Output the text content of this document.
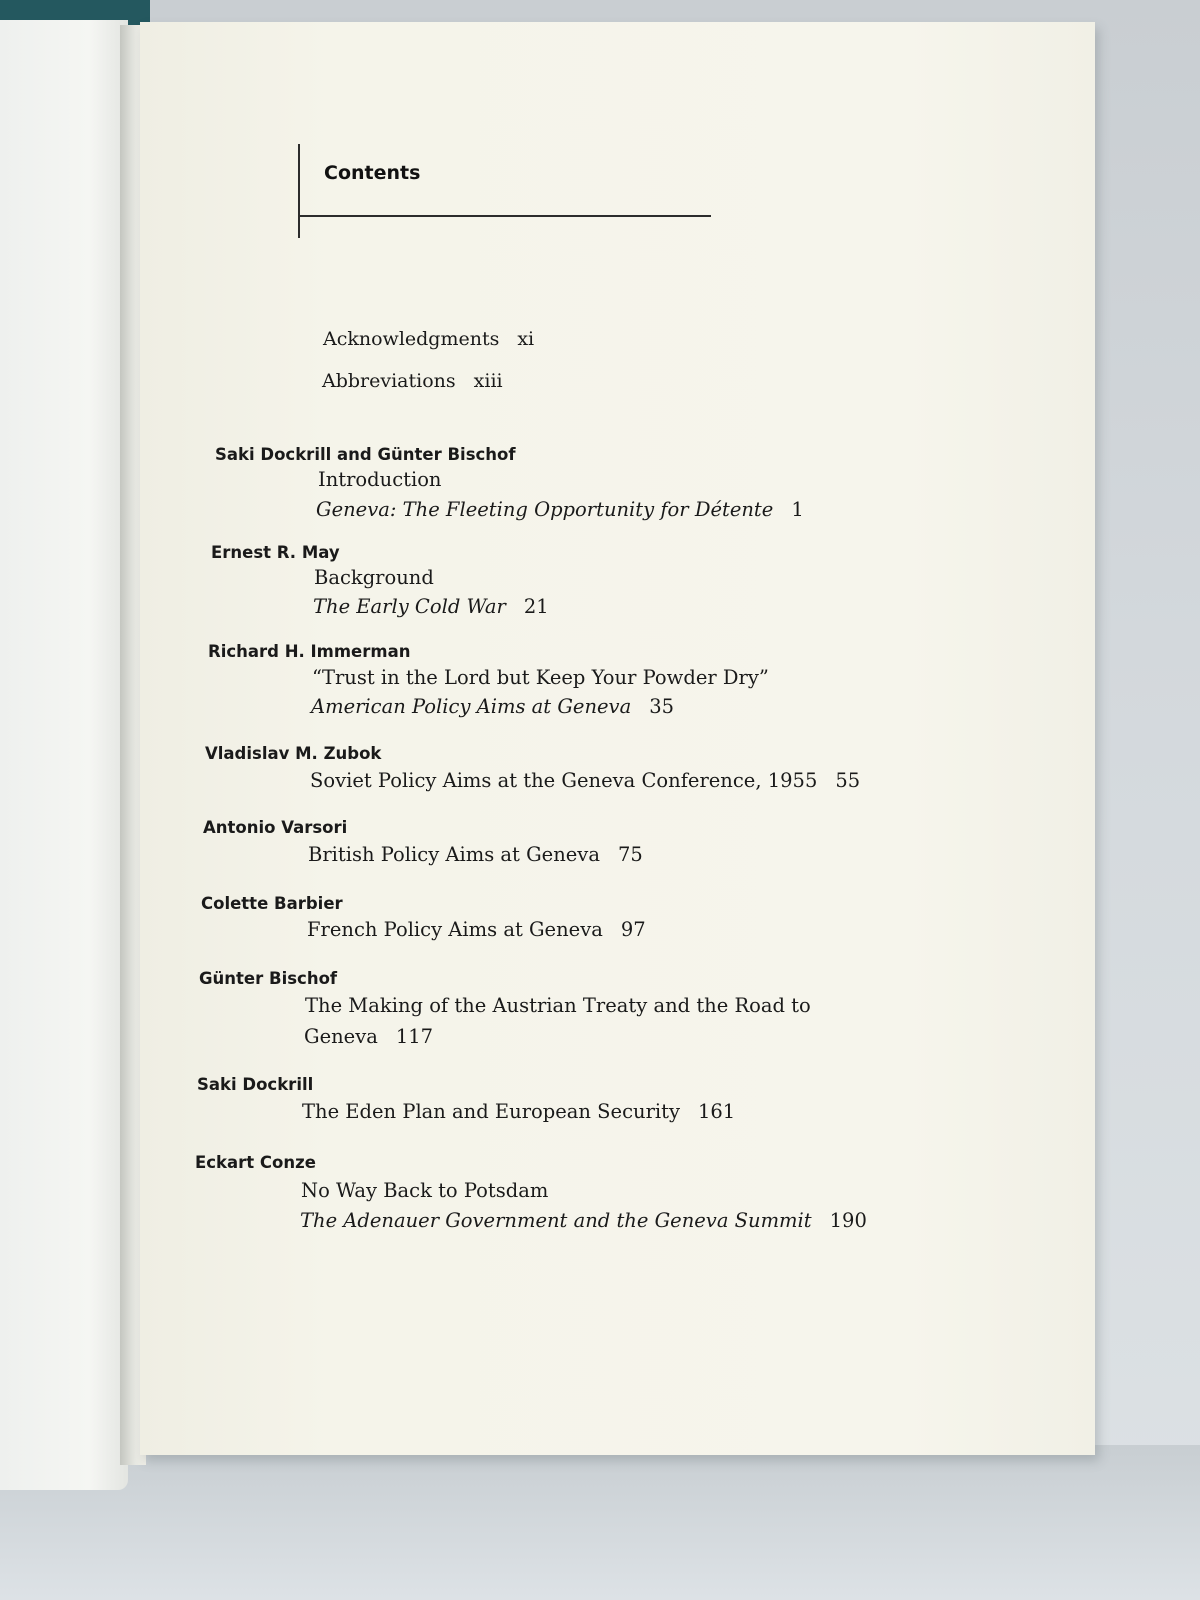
Contents
Acknowledgments xi
Abbreviations xiii
Saki Dockrill and Günter Bischof
Introduction
Geneva: The Fleeting Opportunity for Détente 1
Ernest R. May
Background
The Early Cold War 21
Richard H. Immerman
“Trust in the Lord but Keep Your Powder Dry”
American Policy Aims at Geneva 35
Vladislav M. Zubok
Soviet Policy Aims at the Geneva Conference, 1955 55
Antonio Varsori
British Policy Aims at Geneva 75
Colette Barbier
French Policy Aims at Geneva 97
Günter Bischof
The Making of the Austrian Treaty and the Road to
Geneva 117
Saki Dockrill
The Eden Plan and European Security 161
Eckart Conze
No Way Back to Potsdam
The Adenauer Government and the Geneva Summit 190
